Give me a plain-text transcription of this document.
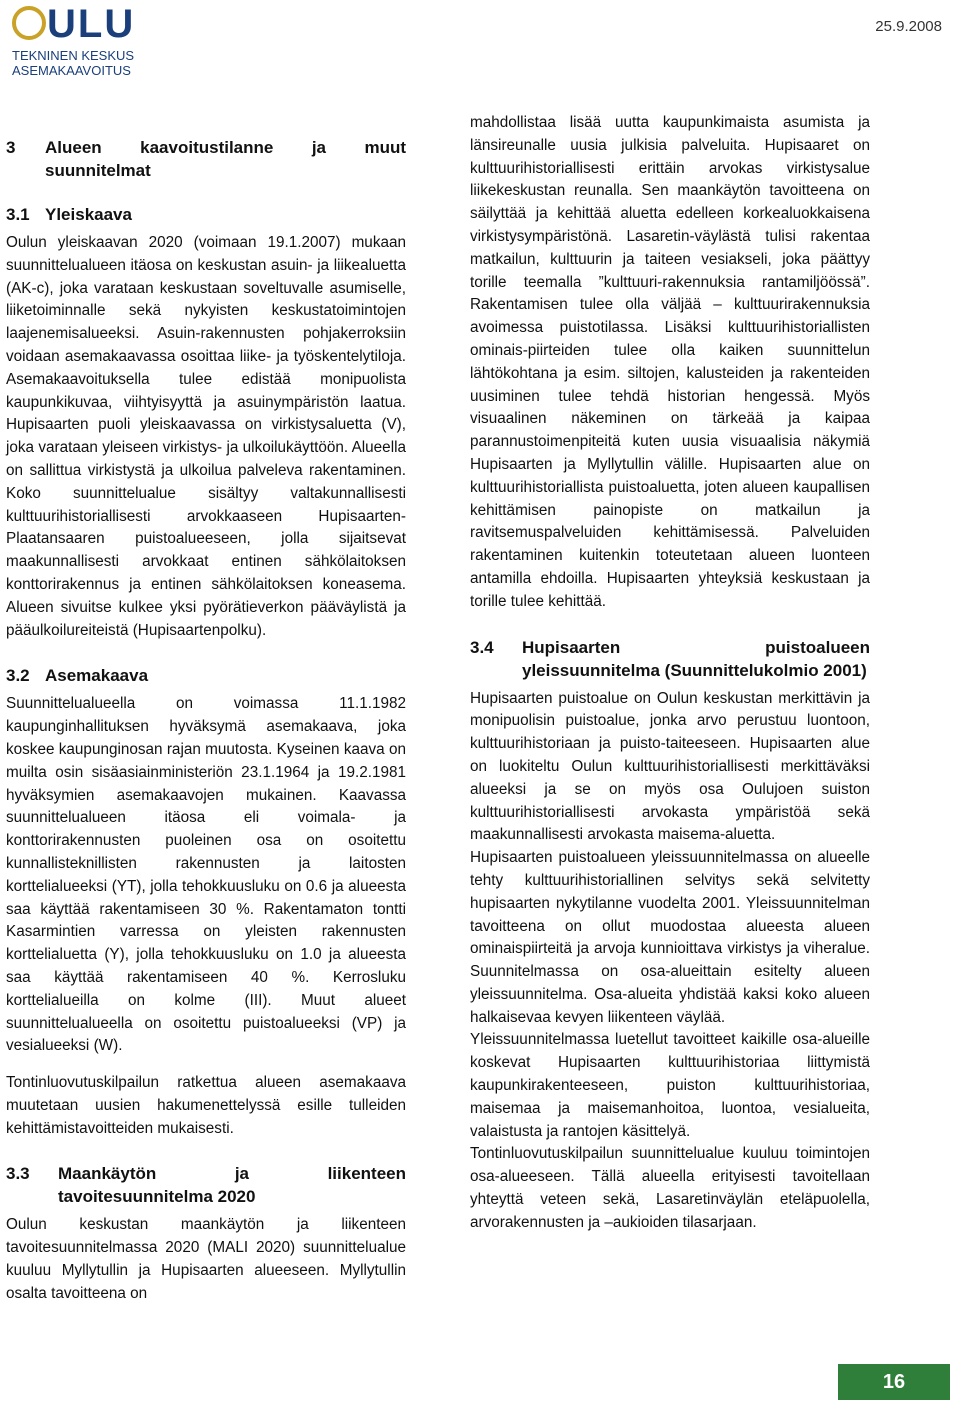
ULU
TEKNINEN KESKUS
ASEMAKAAVOITUS
25.9.2008
3	Alueen kaavoitustilanne ja muut suunnitelmat
3.1 Yleiskaava

Oulun yleiskaavan 2020 (voimaan 19.1.2007) mukaan suunnittelualueen itäosa on keskustan asuin- ja liikealuetta (AK-c), joka varataan keskustaan soveltuvalle asumiselle, liiketoiminnalle sekä nykyisten keskustatoimintojen laajenemisalueeksi. Asuin-rakennusten pohjakerroksiin voidaan asemakaavassa osoittaa liike- ja työskentelytiloja. Asemakaavoituksella tulee edistää monipuolista kaupunkikuvaa, viihtyisyyttä ja asuinympäristön laatua. Hupisaarten puoli yleiskaavassa on virkistysaluetta (V), joka varataan yleiseen virkistys- ja ulkoilukäyttöön. Alueella on sallittua virkistystä ja ulkoilua palveleva rakentaminen. Koko suunnittelualue sisältyy valtakunnallisesti kulttuurihistoriallisesti arvokkaaseen Hupisaarten-Plaatansaaren puistoalueeseen, jolla sijaitsevat maakunnallisesti arvokkaat entinen sähkölaitoksen konttorirakennus ja entinen sähkölaitoksen koneasema. Alueen sivuitse kulkee yksi pyörätieverkon pääväylistä ja pääulkoilureiteistä (Hupisaartenpolku).

3.2 Asemakaava

Suunnittelualueella on voimassa 11.1.1982 kaupunginhallituksen hyväksymä asemakaava, joka koskee kaupunginosan rajan muutosta. Kyseinen kaava on muilta osin sisäasiainministeriön 23.1.1964 ja 19.2.1981 hyväksymien asemakaavojen mukainen. Kaavassa suunnittelualueen itäosa eli voimala- ja konttorirakennusten puoleinen osa on osoitettu kunnallisteknillisten rakennusten ja laitosten korttelialueeksi (YT), jolla tehokkuusluku on 0.6 ja alueesta saa käyttää rakentamiseen 30 %. Rakentamaton tontti Kasarmintien varressa on yleisten rakennusten korttelialuetta (Y), jolla tehokkuusluku on 1.0 ja alueesta saa käyttää rakentamiseen 40 %. Kerrosluku korttelialueilla on kolme (III). Muut alueet suunnittelualueella on osoitettu puistoalueeksi (VP) ja vesialueeksi (W).

Tontinluovutuskilpailun ratkettua alueen asemakaava muutetaan uusien hakumenettelyssä esille tulleiden kehittämistavoitteiden mukaisesti.

3.3	Maankäytön ja liikenteen tavoitesuunnitelma 2020

Oulun keskustan maankäytön ja liikenteen tavoitesuunnitelmassa 2020 (MALI 2020) suunnittelualue kuuluu Myllytullin ja Hupisaarten alueeseen. Myllytullin osalta tavoitteena on

mahdollistaa lisää uutta kaupunkimaista asumista ja länsireunalle uusia julkisia palveluita. Hupisaaret on kulttuurihistoriallisesti erittäin arvokas virkistysalue liikekeskustan reunalla. Sen maankäytön tavoitteena on säilyttää ja kehittää aluetta edelleen korkealuokkaisena virkistysympäristönä. Lasaretin-väylästä tulisi rakentaa matkailun, kulttuurin ja taiteen vesiakseli, joka päättyy torille teemalla ”kulttuuri-rakennuksia rantamiljöössä”. Rakentamisen tulee olla väljää – kulttuurirakennuksia avoimessa puistotilassa. Lisäksi kulttuurihistoriallisten ominais-piirteiden tulee olla kaiken suunnittelun lähtökohtana ja esim. siltojen, kalusteiden ja rakenteiden uusiminen tulee tehdä historian hengessä. Myös visuaalinen näkeminen on tärkeää ja kaipaa parannustoimenpiteitä kuten uusia visuaalisia näkymiä Hupisaarten ja Myllytullin välille. Hupisaarten alue on kulttuurihistoriallista puistoaluetta, joten alueen kaupallisen kehittämisen painopiste on matkailun ja ravitsemuspalveluiden kehittämisessä. Palveluiden rakentaminen kuitenkin toteutetaan alueen luonteen antamilla ehdoilla. Hupisaarten yhteyksiä keskustaan ja torille tulee kehittää.

3.4	Hupisaarten puistoalueen yleissuunnitelma (Suunnittelukolmio 2001)

Hupisaarten puistoalue on Oulun keskustan merkittävin ja monipuolisin puistoalue, jonka arvo perustuu luontoon, kulttuurihistoriaan ja puisto-taiteeseen. Hupisaarten alue on luokiteltu Oulun kulttuurihistoriallisesti merkittäväksi alueeksi ja se on myös osa Oulujoen suiston kulttuurihistoriallisesti arvokasta ympäristöä sekä maakunnallisesti arvokasta maisema-aluetta.

Hupisaarten puistoalueen yleissuunnitelmassa on alueelle tehty kulttuurihistoriallinen selvitys sekä selvitetty hupisaarten nykytilanne vuodelta 2001. Yleissuunnitelman tavoitteena on ollut muodostaa alueesta alueen ominaispiirteitä ja arvoja kunnioittava virkistys ja viheralue. Suunnitelmassa on osa-alueittain esitelty alueen yleissuunnitelma. Osa-alueita yhdistää kaksi koko alueen halkaisevaa kevyen liikenteen väylää.

Yleissuunnitelmassa luetellut tavoitteet kaikille osa-alueille koskevat Hupisaarten kulttuurihistoriaa liittymistä kaupunkirakenteeseen, puiston kulttuurihistoriaa, maisemaa ja maisemanhoitoa, luontoa, vesialueita, valaistusta ja rantojen käsittelyä.

Tontinluovutuskilpailun suunnittelualue kuuluu toimintojen osa-alueeseen. Tällä alueella erityisesti tavoitellaan yhteyttä veteen sekä, Lasaretinväylän eteläpuolella, arvorakennusten ja –aukioiden tilasarjaan.

16
